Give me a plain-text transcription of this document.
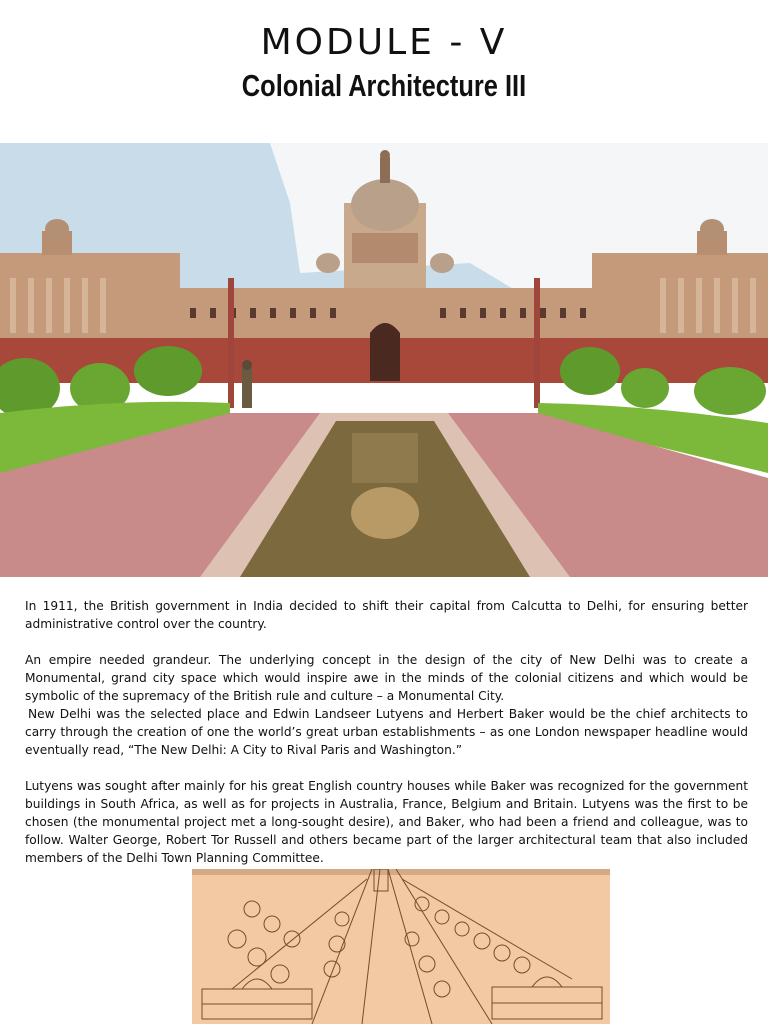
MODULE - V
Colonial Architecture III

In 1911, the British government in India decided to shift their capital from Calcutta to Delhi, for ensuring better administrative control over the country.

An empire needed grandeur. The underlying concept in the design of the city of New Delhi was to create a Monumental, grand city space which would inspire awe in the minds of the colonial citizens and which would be symbolic of the supremacy of the British rule and culture – a Monumental City.

New Delhi was the selected place and Edwin Landseer Lutyens and Herbert Baker would be the chief architects to carry through the creation of one the world’s great urban establishments – as one London newspaper headline would eventually read, “The New Delhi: A City to Rival Paris and Washington.”

Lutyens was sought after mainly for his great English country houses while Baker was recognized for the government buildings in South Africa, as well as for projects in Australia, France, Belgium and Britain. Lutyens was the first to be chosen (the monumental project met a long-sought desire), and Baker, who had been a friend and colleague, was to follow. Walter George, Robert Tor Russell and others became part of the larger architectural team that also included members of the Delhi Town Planning Committee.
